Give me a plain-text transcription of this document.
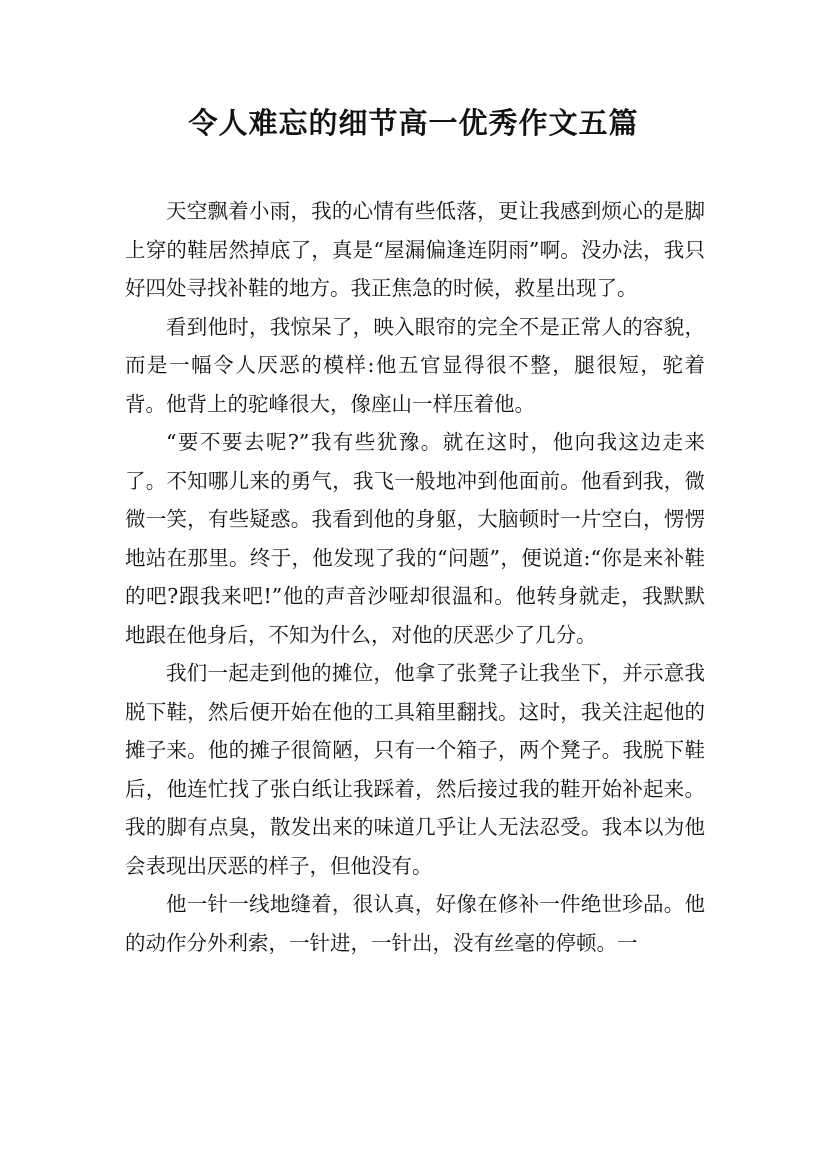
令人难忘的细节高一优秀作文五篇

天空飘着小雨，我的心情有些低落，更让我感到烦心的是脚上穿的鞋居然掉底了，真是“屋漏偏逢连阴雨”啊。没办法，我只好四处寻找补鞋的地方。我正焦急的时候，救星出现了。

看到他时，我惊呆了，映入眼帘的完全不是正常人的容貌，而是一幅令人厌恶的模样:他五官显得很不整，腿很短，驼着背。他背上的驼峰很大，像座山一样压着他。

“要不要去呢?”我有些犹豫。就在这时，他向我这边走来了。不知哪儿来的勇气，我飞一般地冲到他面前。他看到我，微微一笑，有些疑惑。我看到他的身躯，大脑顿时一片空白，愣愣地站在那里。终于，他发现了我的“问题”，便说道:“你是来补鞋的吧?跟我来吧!”他的声音沙哑却很温和。他转身就走，我默默地跟在他身后，不知为什么，对他的厌恶少了几分。

我们一起走到他的摊位，他拿了张凳子让我坐下，并示意我脱下鞋，然后便开始在他的工具箱里翻找。这时，我关注起他的摊子来。他的摊子很简陋，只有一个箱子，两个凳子。我脱下鞋后，他连忙找了张白纸让我踩着，然后接过我的鞋开始补起来。我的脚有点臭，散发出来的味道几乎让人无法忍受。我本以为他会表现出厌恶的样子，但他没有。

他一针一线地缝着，很认真，好像在修补一件绝世珍品。他的动作分外利索，一针进，一针出，没有丝毫的停顿。一
